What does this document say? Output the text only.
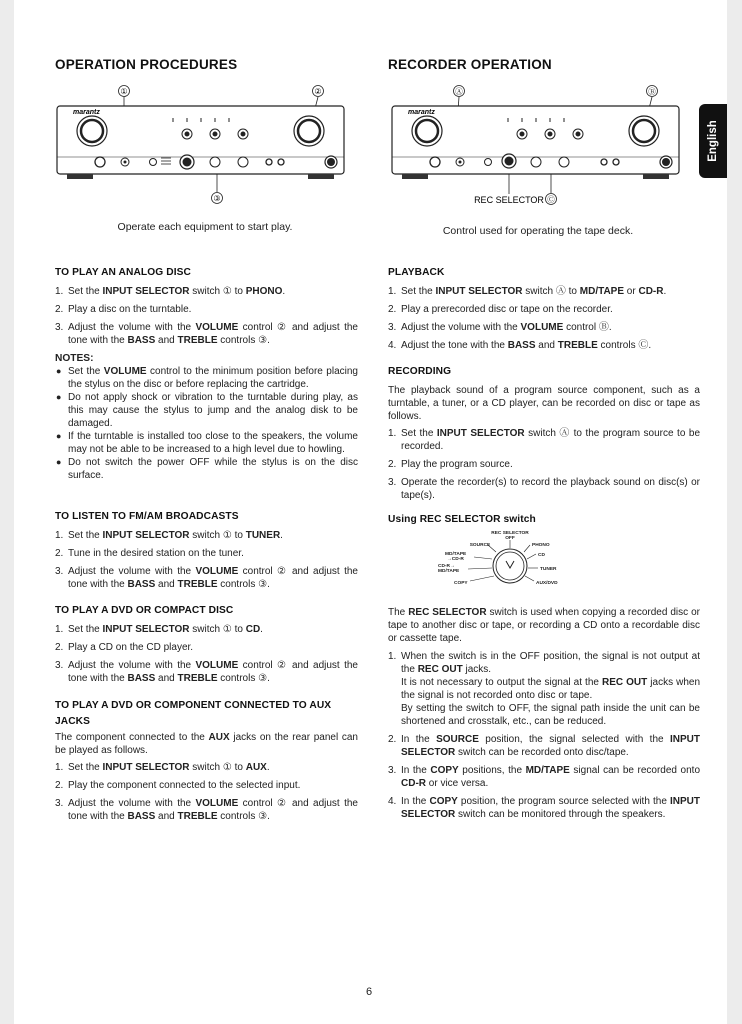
English
OPERATION PROCEDURES
①	②
③
marantz
Operate each equipment to start play.
TO PLAY AN ANALOG DISC
1. Set the INPUT SELECTOR switch ① to PHONO.
2. Play a disc on the turntable.
3. Adjust the volume with the VOLUME control ② and adjust the tone with the BASS and TREBLE controls ③.
NOTES:
● Set the VOLUME control to the minimum position before placing the stylus on the disc or before replacing the cartridge.
● Do not apply shock or vibration to the turntable during play, as this may cause the stylus to jump and the analog disk to be damaged.
● If the turntable is installed too close to the speakers, the volume may not be able to be increased to a high level due to howling.
● Do not switch the power OFF while the stylus is on the disc surface.
TO LISTEN TO FM/AM BROADCASTS
1. Set the INPUT SELECTOR switch ① to TUNER.
2. Tune in the desired station on the tuner.
3. Adjust the volume with the VOLUME control ② and adjust the tone with the BASS and TREBLE controls ③.
TO PLAY A DVD OR COMPACT DISC
1. Set the INPUT SELECTOR switch ① to CD.
2. Play a CD on the CD player.
3. Adjust the volume with the VOLUME control ② and adjust the tone with the BASS and TREBLE controls ③.
TO PLAY A DVD OR COMPONENT CONNECTED TO AUX JACKS

The component connected to the AUX jacks on the rear panel can be played as follows.

1. Set the INPUT SELECTOR switch ① to AUX.
2. Play the component connected to the selected input.
3. Adjust the volume with the VOLUME control ② and adjust the tone with the BASS and TREBLE controls ③.
RECORDER OPERATION
Ⓐ	Ⓑ
Ⓒ
REC SELECTOR
marantz
Control used for operating the tape deck.
PLAYBACK
1. Set the INPUT SELECTOR switch Ⓐ to MD/TAPE or CD-R.
2. Play a prerecorded disc or tape on the recorder.
3. Adjust the volume with the VOLUME control Ⓑ.
4. Adjust the tone with the BASS and TREBLE controls Ⓒ.
RECORDING

The playback sound of a program source component, such as a turntable, a tuner, or a CD player, can be recorded on disc or tape as follows.

1. Set the INPUT SELECTOR switch Ⓐ to the program source to be recorded.
2. Play the program source.
3. Operate the recorder(s) to record the playback sound on disc(s) or tape(s).
Using REC SELECTOR switch
REC SELECTOR
OFF
SOURCE	PHONO
MD/TAPE
→CD-R
CD
CD-R→
MD/TAPE	TUNER
COPY	AUX/DVD

The REC SELECTOR switch is used when copying a recorded disc or tape to another disc or tape, or recording a CD onto a recordable disc or cassette tape.

1. When the switch is in the OFF position, the signal is not output at the REC OUT jacks.
It is not necessary to output the signal at the REC OUT jacks when the signal is not recorded onto disc or tape.
By setting the switch to OFF, the signal path inside the unit can be shortened and crosstalk, etc., can be reduced.
2. In the SOURCE position, the signal selected with the INPUT SELECTOR switch can be recorded onto disc/tape.
3. In the COPY positions, the MD/TAPE signal can be recorded onto CD-R or vice versa.
4. In the COPY position, the program source selected with the INPUT SELECTOR switch can be monitored through the speakers.
6
